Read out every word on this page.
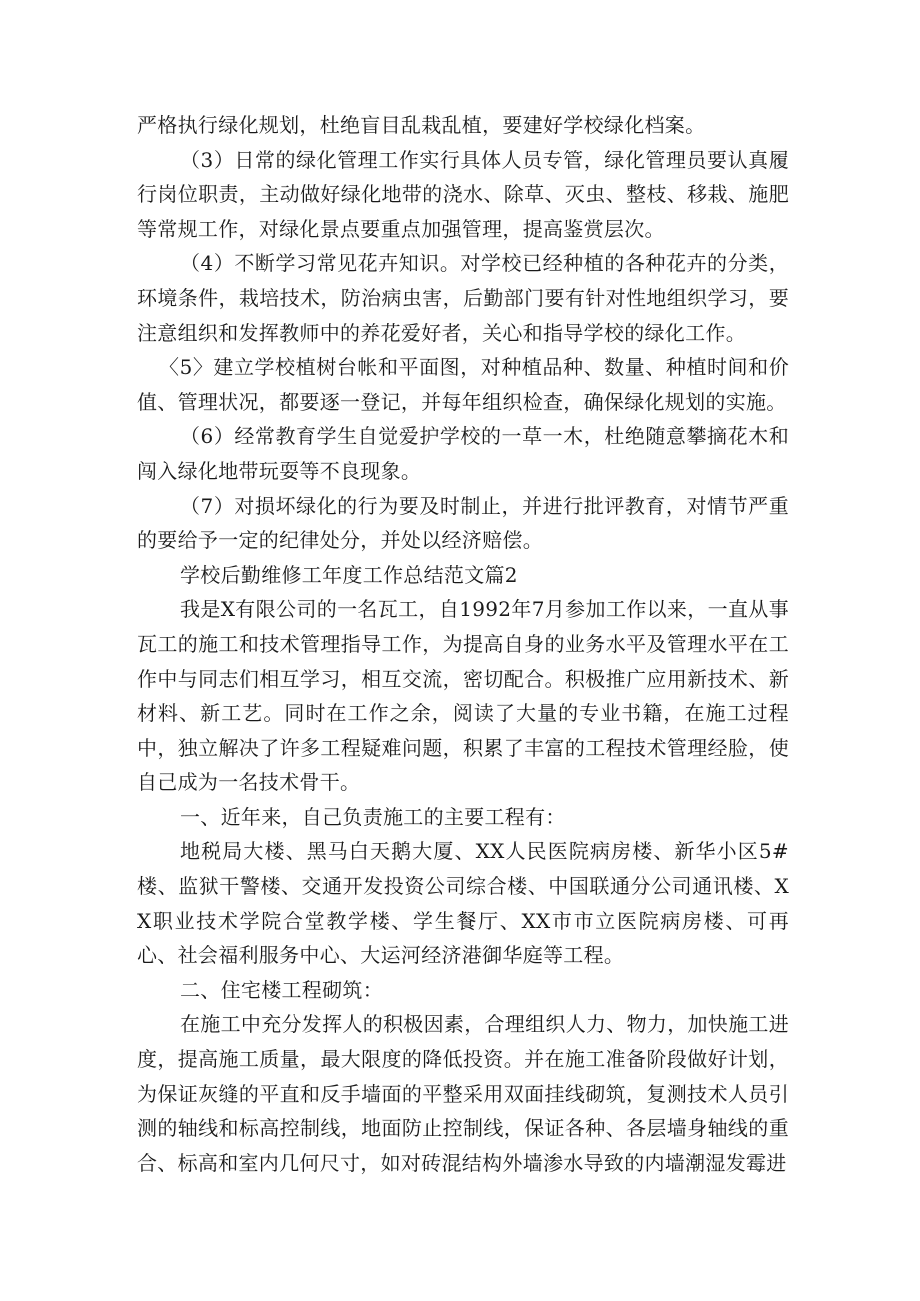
严格执行绿化规划，杜绝盲目乱栽乱植，要建好学校绿化档案。

（3）日常的绿化管理工作实行具体人员专管，绿化管理员要认真履行岗位职责，主动做好绿化地带的浇水、除草、灭虫、整枝、移栽、施肥等常规工作，对绿化景点要重点加强管理，提高鉴赏层次。

（4）不断学习常见花卉知识。对学校已经种植的各种花卉的分类，环境条件，栽培技术，防治病虫害，后勤部门要有针对性地组织学习，要注意组织和发挥教师中的养花爱好者，关心和指导学校的绿化工作。

〈5〉建立学校植树台帐和平面图，对种植品种、数量、种植时间和价值、管理状况，都要逐一登记，并每年组织检查，确保绿化规划的实施。

（6）经常教育学生自觉爱护学校的一草一木，杜绝随意攀摘花木和闯入绿化地带玩耍等不良现象。

（7）对损坏绿化的行为要及时制止，并进行批评教育，对情节严重的要给予一定的纪律处分，并处以经济赔偿。

学校后勤维修工年度工作总结范文篇2

我是X有限公司的一名瓦工，自1992年7月参加工作以来，一直从事瓦工的施工和技术管理指导工作，为提高自身的业务水平及管理水平在工作中与同志们相互学习，相互交流，密切配合。积极推广应用新技术、新材料、新工艺。同时在工作之余，阅读了大量的专业书籍，在施工过程中，独立解决了许多工程疑难问题，积累了丰富的工程技术管理经脸，使自己成为一名技术骨干。

一、近年来，自己负责施工的主要工程有：

地税局大楼、黑马白天鹅大厦、XX人民医院病房楼、新华小区5#楼、监狱干警楼、交通开发投资公司综合楼、中国联通分公司通讯楼、XX职业技术学院合堂教学楼、学生餐厅、XX市市立医院病房楼、可再心、社会福利服务中心、大运河经济港御华庭等工程。

二、住宅楼工程砌筑：

在施工中充分发挥人的积极因素，合理组织人力、物力，加快施工进度，提高施工质量，最大限度的降低投资。并在施工准备阶段做好计划，为保证灰缝的平直和反手墙面的平整采用双面挂线砌筑，复测技术人员引测的轴线和标高控制线，地面防止控制线，保证各种、各层墙身轴线的重合、标高和室内几何尺寸，如对砖混结构外墙渗水导致的内墙潮湿发霉进
